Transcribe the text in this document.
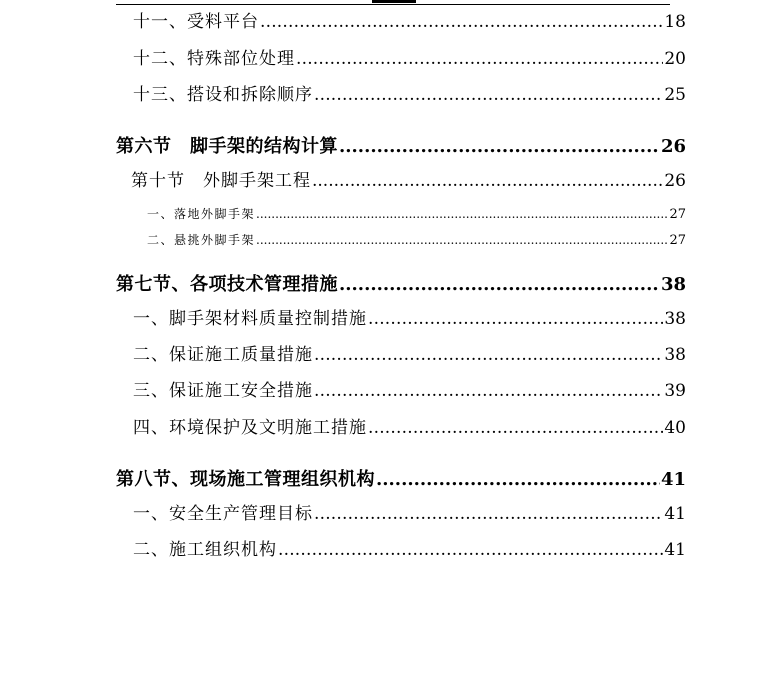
十一、受料平台 .....	18
十二、特殊部位处理 .....	20
十三、搭设和拆除顺序 .....	25
第六节　脚手架的结构计算 .....	26
第十节　外脚手架工程 .....	26
一、落地外脚手架 .....	27
二、悬挑外脚手架 .....	27
第七节、各项技术管理措施 .....	38
一、脚手架材料质量控制措施 .....	38
二、保证施工质量措施 .....	38
三、保证施工安全措施 .....	39
四、环境保护及文明施工措施 .....	40
第八节、现场施工管理组织机构 .....	41
一、安全生产管理目标 .....	41
二、施工组织机构 .....	41
